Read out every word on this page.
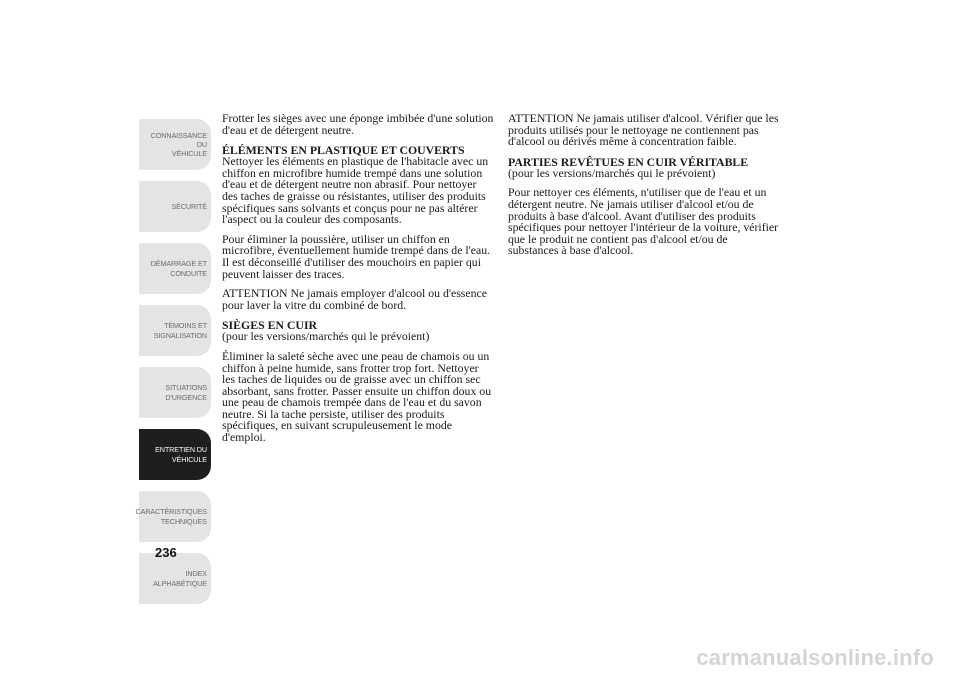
CONNAISSANCE DU
VÉHICULE
SÉCURITÉ
DÉMARRAGE ET
CONDUITE
TÉMOINS ET
SIGNALISATION
SITUATIONS
D'URGENCE
ENTRETIEN DU
VÉHICULE
CARACTÉRISTIQUES
TECHNIQUES
INDEX
ALPHABÉTIQUE
236

Frotter les sièges avec une éponge imbibée d'une solution d'eau et de détergent neutre.

ÉLÉMENTS EN PLASTIQUE ET COUVERTS

Nettoyer les éléments en plastique de l'habitacle avec un chiffon en microfibre humide trempé dans une solution d'eau et de détergent neutre non abrasif. Pour nettoyer des taches de graisse ou résistantes, utiliser des produits spécifiques sans solvants et conçus pour ne pas altérer l'aspect ou la couleur des composants.

Pour éliminer la poussière, utiliser un chiffon en microfibre, éventuellement humide trempé dans de l'eau. Il est déconseillé d'utiliser des mouchoirs en papier qui peuvent laisser des traces.

ATTENTION Ne jamais employer d'alcool ou d'essence pour laver la vitre du combiné de bord.

SIÈGES EN CUIR

(pour les versions/marchés qui le prévoient)

Éliminer la saleté sèche avec une peau de chamois ou un chiffon à peine humide, sans frotter trop fort. Nettoyer les taches de liquides ou de graisse avec un chiffon sec absorbant, sans frotter. Passer ensuite un chiffon doux ou une peau de chamois trempée dans de l'eau et du savon neutre. Si la tache persiste, utiliser des produits spécifiques, en suivant scrupuleusement le mode d'emploi.

ATTENTION Ne jamais utiliser d'alcool. Vérifier que les produits utilisés pour le nettoyage ne contiennent pas d'alcool ou dérivés même à concentration faible.

PARTIES REVÊTUES EN CUIR VÉRITABLE

(pour les versions/marchés qui le prévoient)

Pour nettoyer ces éléments, n'utiliser que de l'eau et un détergent neutre. Ne jamais utiliser d'alcool et/ou de produits à base d'alcool. Avant d'utiliser des produits spécifiques pour nettoyer l'intérieur de la voiture, vérifier que le produit ne contient pas d'alcool et/ou de substances à base d'alcool.

carmanualsonline.info
